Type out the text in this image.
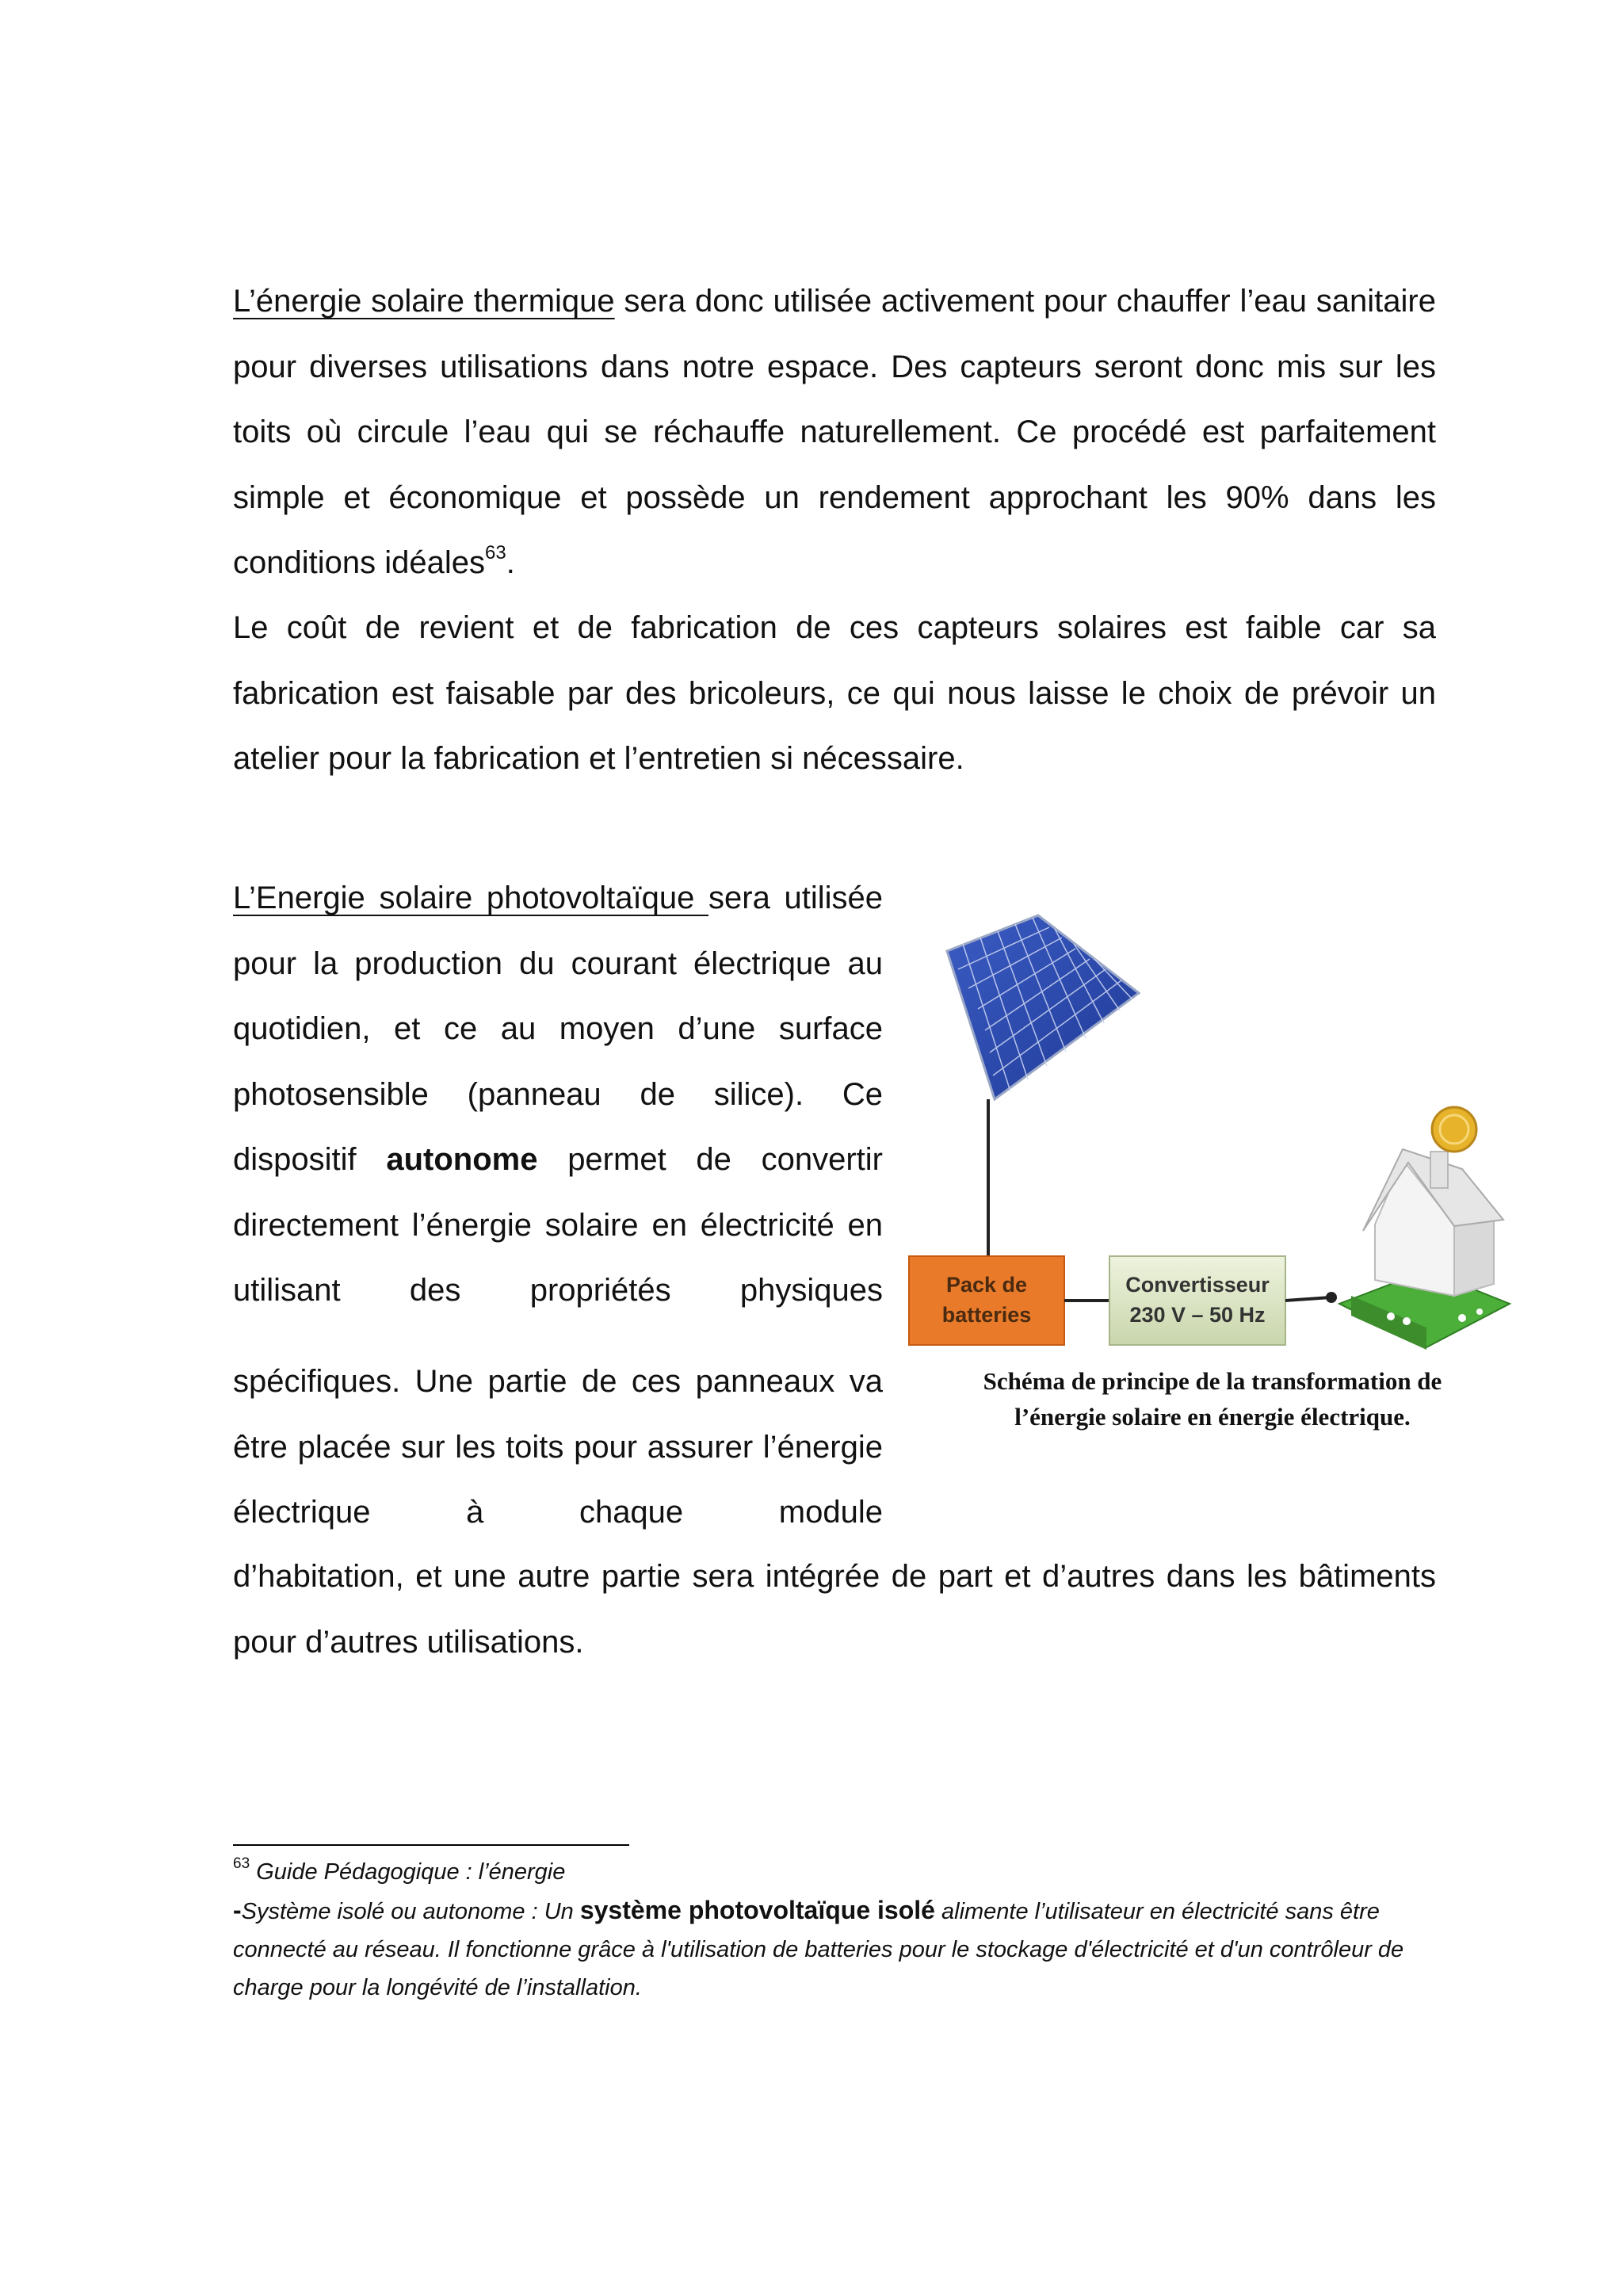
L’énergie solaire thermique sera donc utilisée activement pour chauffer l’eau sanitaire pour diverses utilisations dans notre espace. Des capteurs seront donc mis sur les toits où circule l’eau qui se réchauffe naturellement. Ce procédé est parfaitement simple et économique et possède un rendement approchant les 90% dans les conditions idéales$^{63}$.
Le coût de revient et de fabrication de ces capteurs solaires est faible car sa fabrication est faisable par des bricoleurs, ce qui nous laisse le choix de prévoir un atelier pour la fabrication et l’entretien si nécessaire.
L’Energie solaire photovoltaïque sera utilisée pour la production du courant électrique au quotidien, et ce au moyen d’une surface photosensible (panneau de silice). Ce dispositif autonome permet de convertir directement l’énergie solaire en électricité en utilisant des propriétés physiques
spécifiques. Une partie de ces panneaux va être placée sur les toits pour assurer l’énergie électrique à chaque module
d’habitation, et une autre partie sera intégrée de part et d’autres dans les bâtiments pour d’autres utilisations.
Pack de
batteries
Convertisseur
230 V – 50 Hz
Schéma de principe de la transformation de
l’énergie solaire en énergie électrique.
$^{63}$ Guide Pédagogique : l’énergie
-Système isolé ou autonome : Un système photovoltaïque isolé alimente l’utilisateur en électricité sans être connecté au réseau. Il fonctionne grâce à l'utilisation de batteries pour le stockage d'électricité et d'un contrôleur de charge pour la longévité de l’installation.
